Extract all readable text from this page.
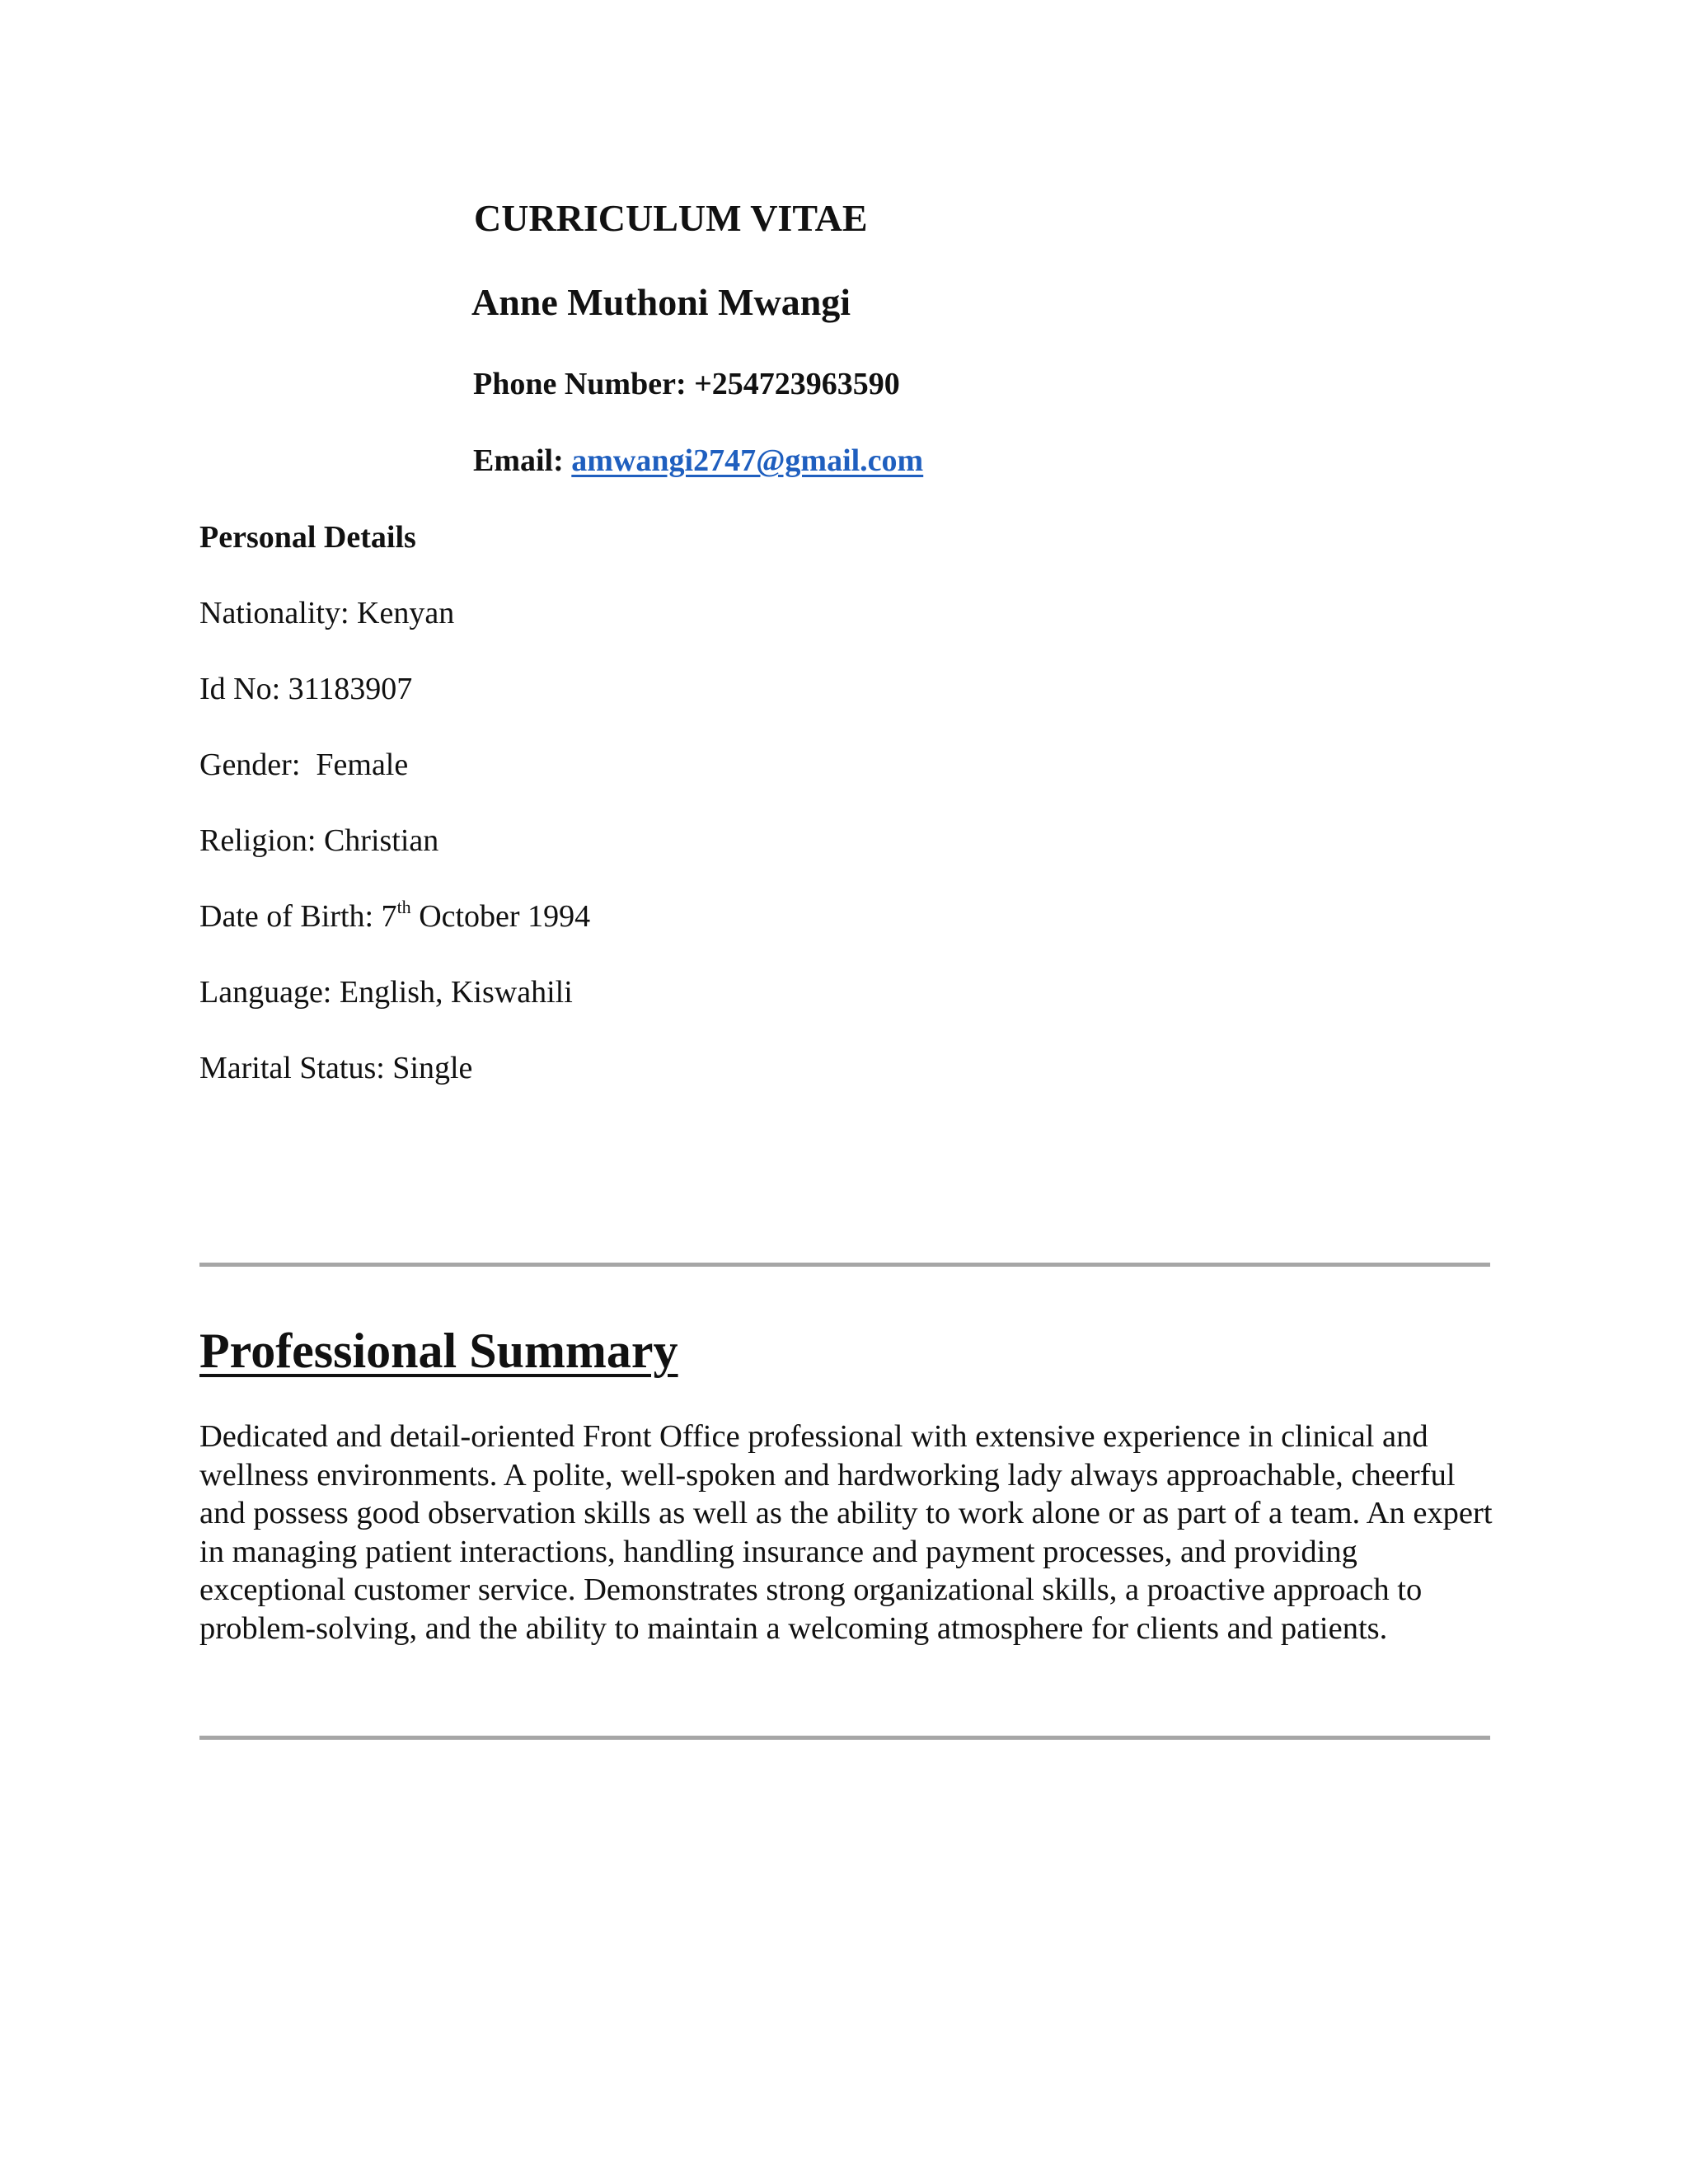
CURRICULUM VITAE
Anne Muthoni Mwangi
Phone Number: +254723963590
Email: amwangi2747@gmail.com
Personal Details
Nationality: Kenyan
Id No: 31183907
Gender:  Female
Religion: Christian
Date of Birth: 7th October 1994
Language: English, Kiswahili
Marital Status: Single
Professional Summary
Dedicated and detail-oriented Front Office professional with extensive experience in clinical and wellness environments. A polite, well-spoken and hardworking lady always approachable, cheerful and possess good observation skills as well as the ability to work alone or as part of a team. An expert in managing patient interactions, handling insurance and payment processes, and providing exceptional customer service. Demonstrates strong organizational skills, a proactive approach to problem-solving, and the ability to maintain a welcoming atmosphere for clients and patients.
